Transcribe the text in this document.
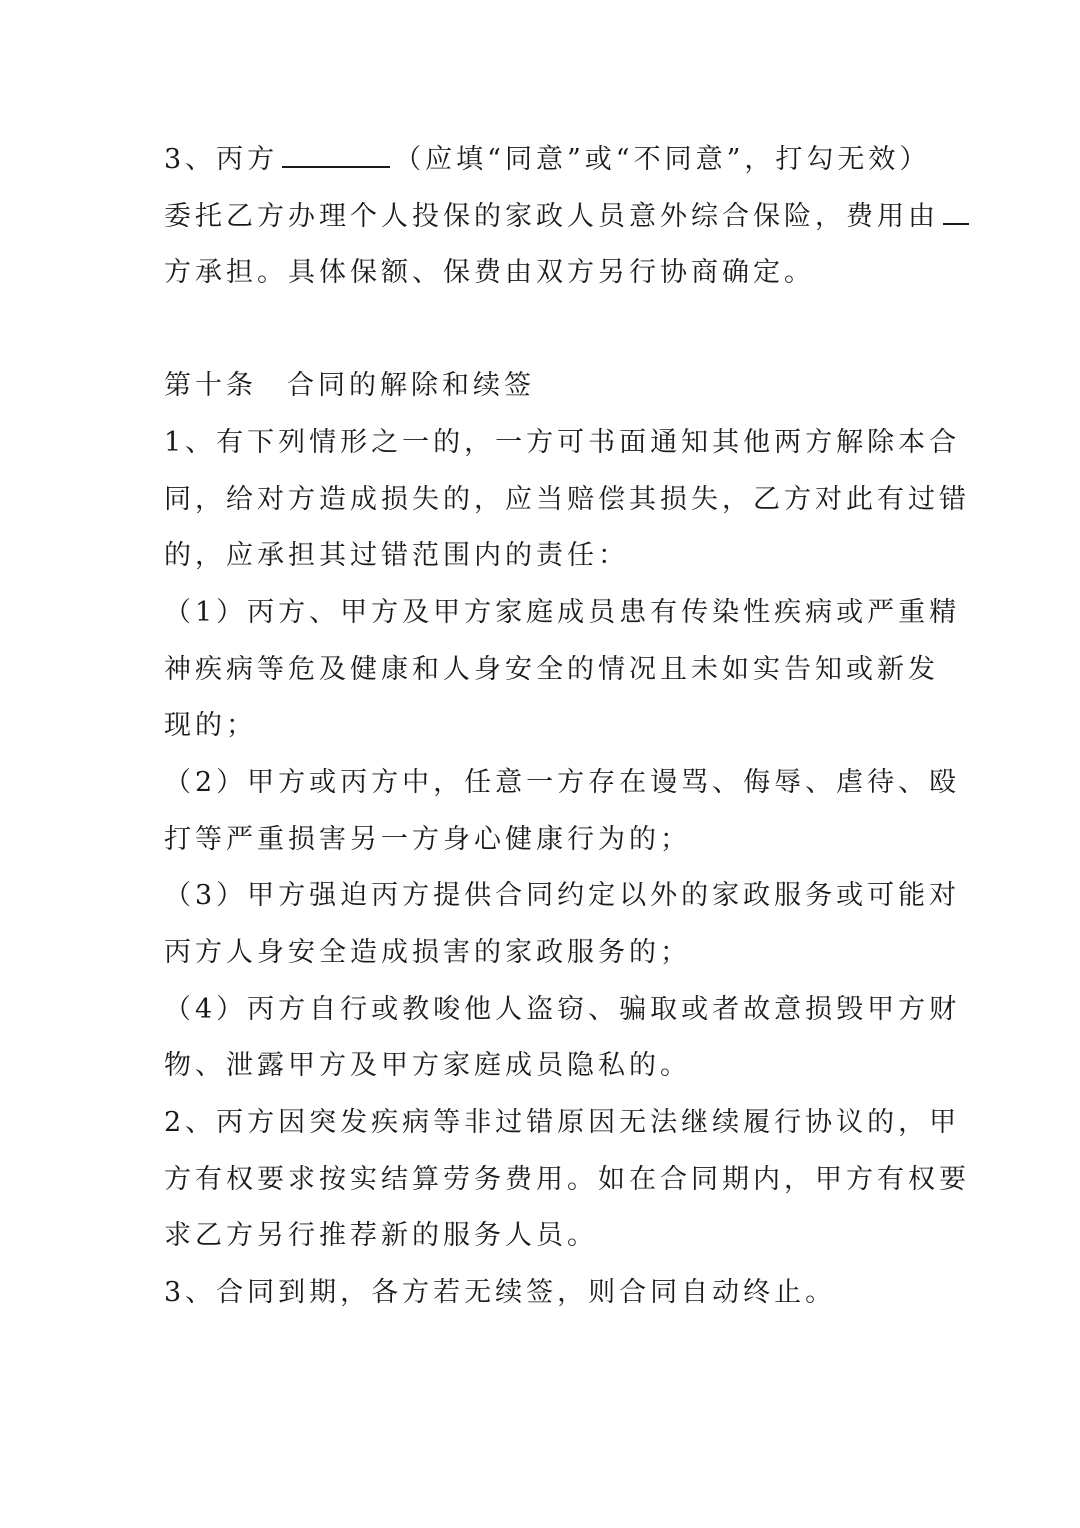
3、丙方	（应填“同意”或“不同意”，打勾无效）
委托乙方办理个人投保的家政人员意外综合保险，费用由
方承担。具体保额、保费由双方另行协商确定。
第十条 合同的解除和续签
1、有下列情形之一的，一方可书面通知其他两方解除本合
同，给对方造成损失的，应当赔偿其损失，乙方对此有过错
的，应承担其过错范围内的责任：
（1）丙方、甲方及甲方家庭成员患有传染性疾病或严重精
神疾病等危及健康和人身安全的情况且未如实告知或新发
现的；
（2）甲方或丙方中，任意一方存在谩骂、侮辱、虐待、殴
打等严重损害另一方身心健康行为的；
（3）甲方强迫丙方提供合同约定以外的家政服务或可能对
丙方人身安全造成损害的家政服务的；
（4）丙方自行或教唆他人盗窃、骗取或者故意损毁甲方财
物、泄露甲方及甲方家庭成员隐私的。
2、丙方因突发疾病等非过错原因无法继续履行协议的，甲
方有权要求按实结算劳务费用。如在合同期内，甲方有权要
求乙方另行推荐新的服务人员。
3、合同到期，各方若无续签，则合同自动终止。
